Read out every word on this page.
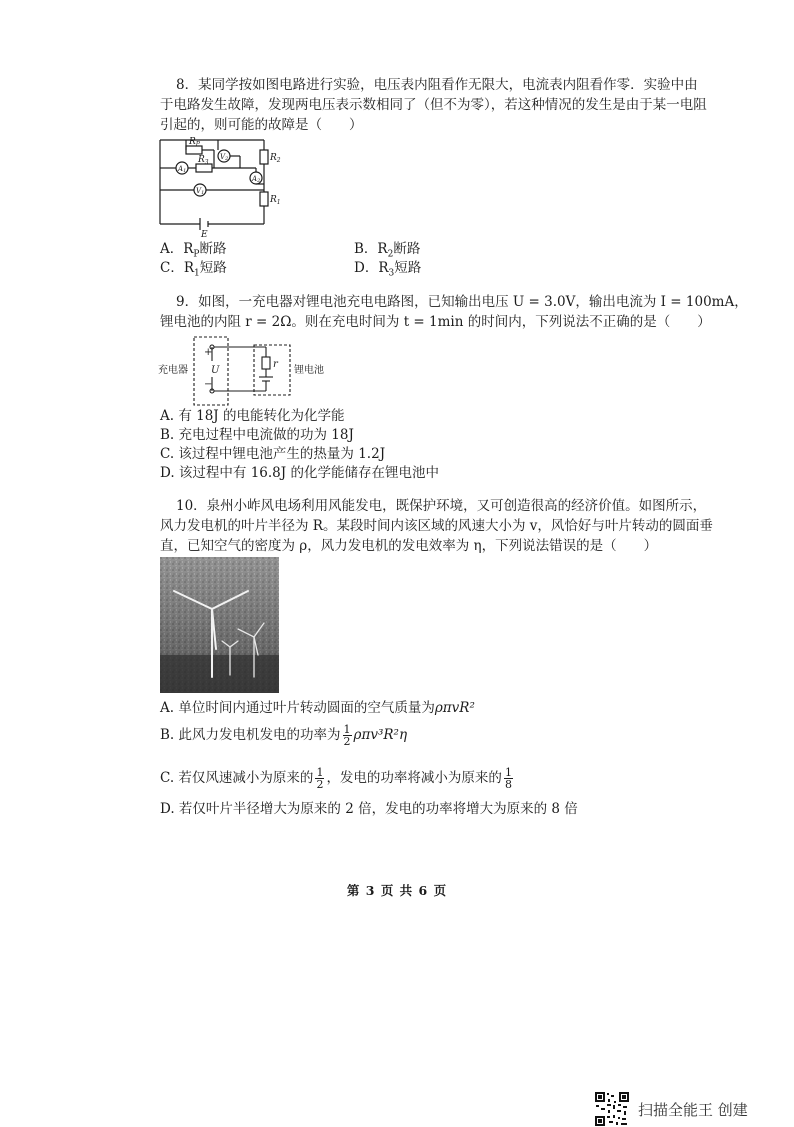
8．某同学按如图电路进行实验，电压表内阻看作无限大，电流表内阻看作零．实验中由
于电路发生故障，发现两电压表示数相同了（但不为零），若这种情况的发生是由于某一电阻
引起的，则可能的故障是（　　）
$R_P$
$R_3$	$R_2$
$R_1$
V2
V1
A1
A2
E
A．$R_P$断路	B．$R_2$断路
C．$R_1$短路	D．$R_3$短路
9．如图，一充电器对锂电池充电电路图，已知输出电压 U = 3.0V，输出电流为 I = 100mA，
锂电池的内阻 r = 2Ω。则在充电时间为 t = 1min 的时间内，下列说法不正确的是（　　）
充电器
+
U
−
r
锂电池
A. 有 18J 的电能转化为化学能
B. 充电过程中电流做的功为 18J
C. 该过程中锂电池产生的热量为 1.2J
D. 该过程中有 16.8J 的化学能储存在锂电池中
10．泉州小岞风电场利用风能发电，既保护环境，又可创造很高的经济价值。如图所示，
风力发电机的叶片半径为 R。某段时间内该区域的风速大小为 v，风恰好与叶片转动的圆面垂
直，已知空气的密度为 ρ，风力发电机的发电效率为 η，下列说法错误的是（　　）
A. 单位时间内通过叶片转动圆面的空气质量为ρπvR²
B. 此风力发电机发电的功率为 $\frac{1}{2} \rho\pi v^3R^2\eta$
C. 若仅风速减小为原来的 $\frac{1}{2}$ ，发电的功率将减小为原来的 $\frac{1}{8}$
D. 若仅叶片半径增大为原来的 2 倍，发电的功率将增大为原来的 8 倍
第 3 页 共 6 页
扫描全能王 创建
